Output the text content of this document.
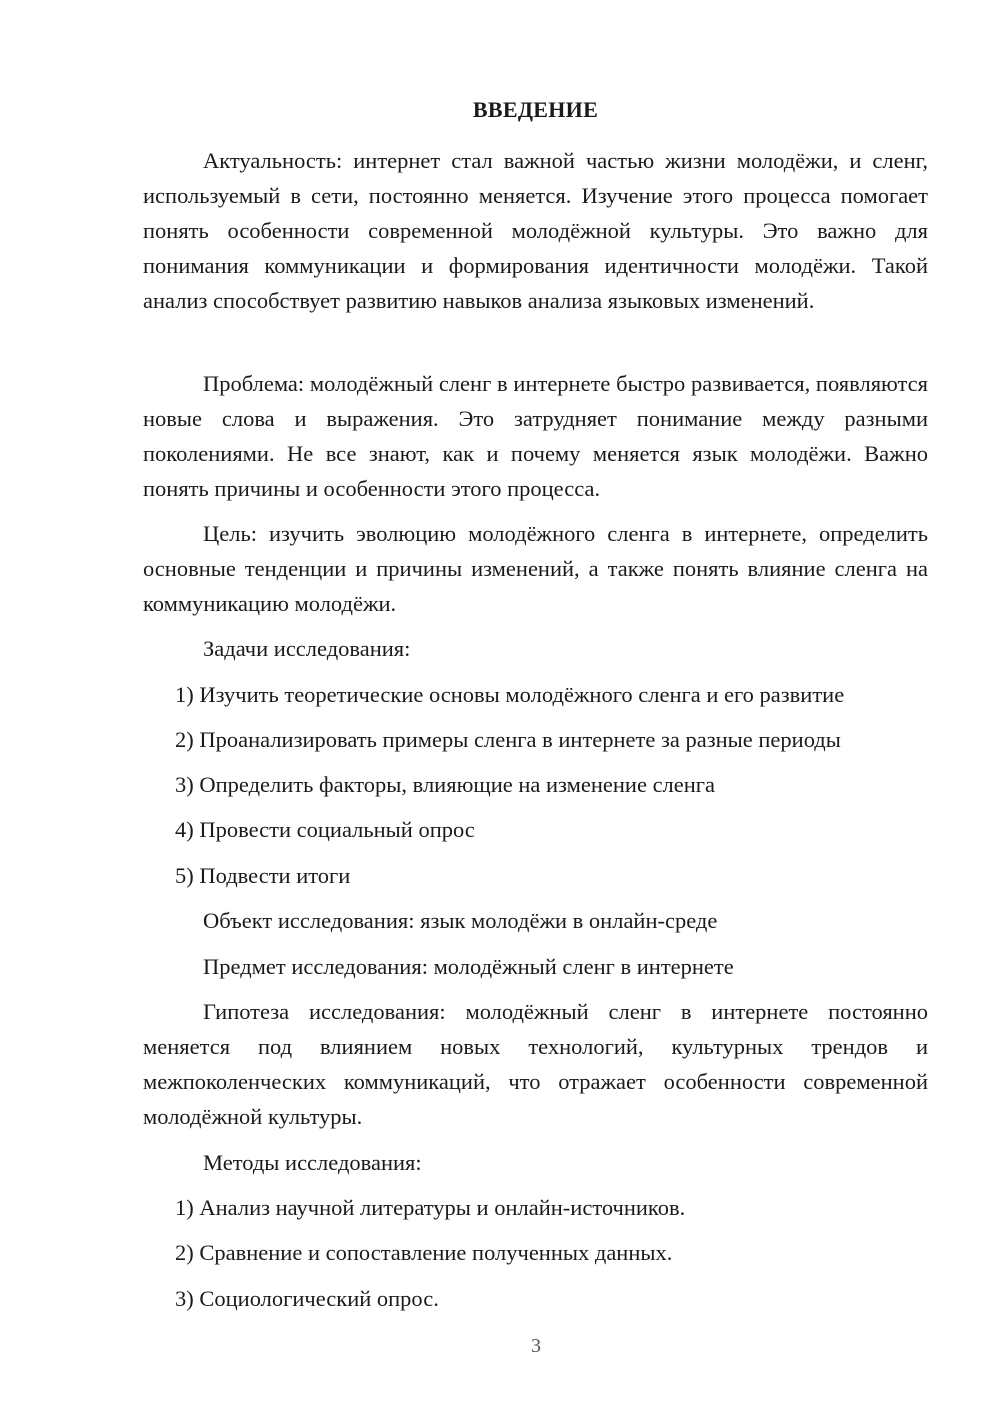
ВВЕДЕНИЕ

Актуальность: интернет стал важной частью жизни молодёжи, и сленг, используемый в сети, постоянно меняется. Изучение этого процесса помогает понять особенности современной молодёжной культуры. Это важно для понимания коммуникации и формирования идентичности молодёжи. Такой анализ способствует развитию навыков анализа языковых изменений.

Проблема: молодёжный сленг в интернете быстро развивается, появляются новые слова и выражения. Это затрудняет понимание между разными поколениями. Не все знают, как и почему меняется язык молодёжи. Важно понять причины и особенности этого процесса.

Цель: изучить эволюцию молодёжного сленга в интернете, определить основные тенденции и причины изменений, а также понять влияние сленга на коммуникацию молодёжи.

Задачи исследования:

1) Изучить теоретические основы молодёжного сленга и его развитие

2) Проанализировать примеры сленга в интернете за разные периоды

3) Определить факторы, влияющие на изменение сленга

4) Провести социальный опрос

5) Подвести итоги

Объект исследования: язык молодёжи в онлайн-среде

Предмет исследования: молодёжный сленг в интернете

Гипотеза исследования: молодёжный сленг в интернете постоянно меняется под влиянием новых технологий, культурных трендов и межпоколенческих коммуникаций, что отражает особенности современной молодёжной культуры.

Методы исследования:

1) Анализ научной литературы и онлайн-источников.

2) Сравнение и сопоставление полученных данных.

3) Социологический опрос.

3
